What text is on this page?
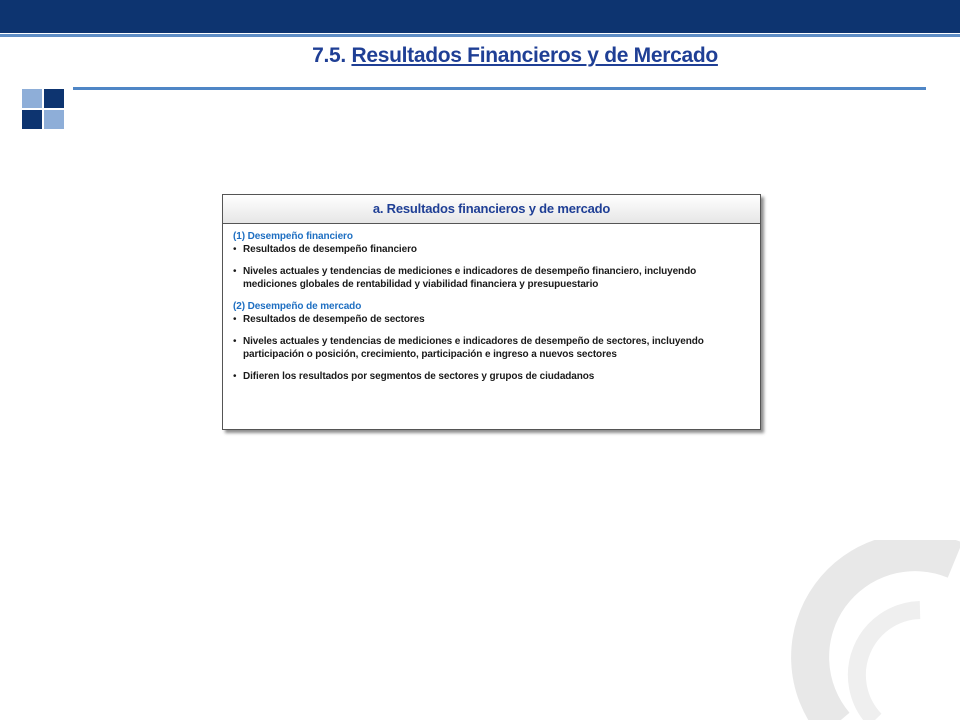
7.5. Resultados Financieros y de Mercado
a. Resultados financieros y de mercado
(1) Desempeño financiero
• Resultados de desempeño financiero
• Niveles actuales y tendencias de mediciones e indicadores de desempeño financiero, incluyendo mediciones globales de rentabilidad y viabilidad financiera y presupuestario
(2) Desempeño de mercado
• Resultados de desempeño de sectores
• Niveles actuales y tendencias de mediciones e indicadores de desempeño de sectores, incluyendo participación o posición, crecimiento, participación e ingreso a nuevos sectores
• Difieren los resultados por segmentos de sectores y grupos de ciudadanos
